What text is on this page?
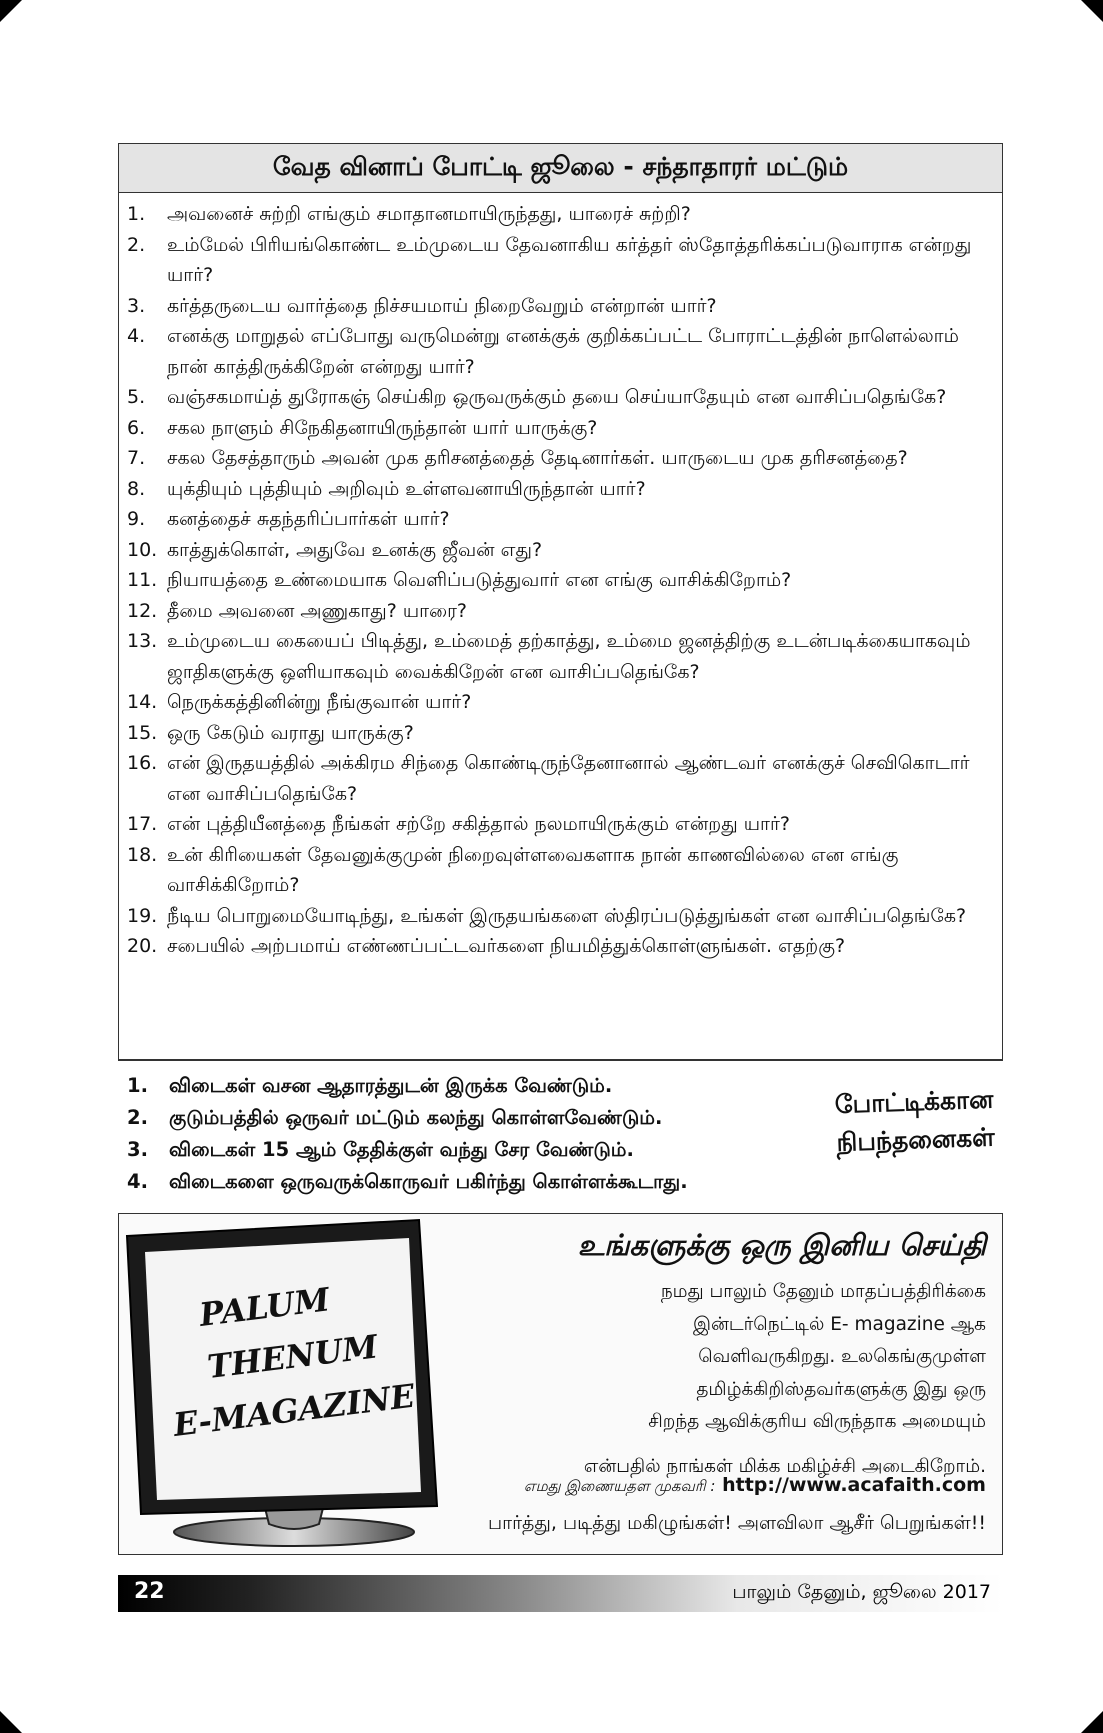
வேத வினாப் போட்டி ஜூலை - சந்தாதாரர் மட்டும்
1.	அவனைச் சுற்றி எங்கும் சமாதானமாயிருந்தது, யாரைச் சுற்றி?
2.	உம்மேல் பிரியங்கொண்ட உம்முடைய தேவனாகிய கர்த்தர் ஸ்தோத்தரிக்கப்படுவாராக என்றது யார்?
3.	கர்த்தருடைய வார்த்தை நிச்சயமாய் நிறைவேறும் என்றான் யார்?
4.	எனக்கு மாறுதல் எப்போது வருமென்று எனக்குக் குறிக்கப்பட்ட போராட்டத்தின் நாளெல்லாம் நான் காத்திருக்கிறேன் என்றது யார்?
5.	வஞ்சகமாய்த் துரோகஞ் செய்கிற ஒருவருக்கும் தயை செய்யாதேயும் என வாசிப்பதெங்கே?
6.	சகல நாளும் சிநேகிதனாயிருந்தான் யார் யாருக்கு?
7.	சகல தேசத்தாரும் அவன் முக தரிசனத்தைத் தேடினார்கள். யாருடைய முக தரிசனத்தை?
8.	யுக்தியும் புத்தியும் அறிவும் உள்ளவனாயிருந்தான் யார்?
9.	கனத்தைச் சுதந்தரிப்பார்கள் யார்?
10. காத்துக்கொள், அதுவே உனக்கு ஜீவன் எது?
11. நியாயத்தை உண்மையாக வெளிப்படுத்துவார் என எங்கு வாசிக்கிறோம்?
12. தீமை அவனை அணுகாது? யாரை?
13. உம்முடைய கையைப் பிடித்து, உம்மைத் தற்காத்து, உம்மை ஜனத்திற்கு உடன்படிக்கையாகவும் ஜாதிகளுக்கு ஒளியாகவும் வைக்கிறேன் என வாசிப்பதெங்கே?
14. நெருக்கத்தினின்று நீங்குவான் யார்?
15. ஒரு கேடும் வராது யாருக்கு?
16. என் இருதயத்தில் அக்கிரம சிந்தை கொண்டிருந்தேனானால் ஆண்டவர் எனக்குச் செவிகொடார் என வாசிப்பதெங்கே?
17. என் புத்தியீனத்தை நீங்கள் சற்றே சகித்தால் நலமாயிருக்கும் என்றது யார்?
18. உன் கிரியைகள் தேவனுக்குமுன் நிறைவுள்ளவைகளாக நான் காணவில்லை என எங்கு வாசிக்கிறோம்?
19. நீடிய பொறுமையோடிந்து, உங்கள் இருதயங்களை ஸ்திரப்படுத்துங்கள் என வாசிப்பதெங்கே?
20. சபையில் அற்பமாய் எண்ணப்பட்டவர்களை நியமித்துக்கொள்ளுங்கள். எதற்கு?
1.	விடைகள் வசன ஆதாரத்துடன் இருக்க வேண்டும்.
2.	குடும்பத்தில் ஒருவர் மட்டும் கலந்து கொள்ளவேண்டும்.
3.	விடைகள் 15 ஆம் தேதிக்குள் வந்து சேர வேண்டும்.
4.	விடைகளை ஒருவருக்கொருவர் பகிர்ந்து கொள்ளக்கூடாது.
போட்டிக்கான நிபந்தனைகள்
PALUM
THENUM
E-MAGAZINE
உங்களுக்கு ஒரு இனிய செய்தி
நமது பாலும் தேனும் மாதப்பத்திரிக்கை
இன்டர்நெட்டில் E- magazine ஆக
வெளிவருகிறது. உலகெங்குமுள்ள
தமிழ்க்கிறிஸ்தவர்களுக்கு இது ஒரு
சிறந்த ஆவிக்குரிய விருந்தாக அமையும்
என்பதில் நாங்கள் மிக்க மகிழ்ச்சி அடைகிறோம்.
எமது இணையதள முகவரி : http://www.acafaith.com
பார்த்து, படித்து மகிழுங்கள்! அளவிலா ஆசீர் பெறுங்கள்!!
22	பாலும் தேனும், ஜூலை 2017
